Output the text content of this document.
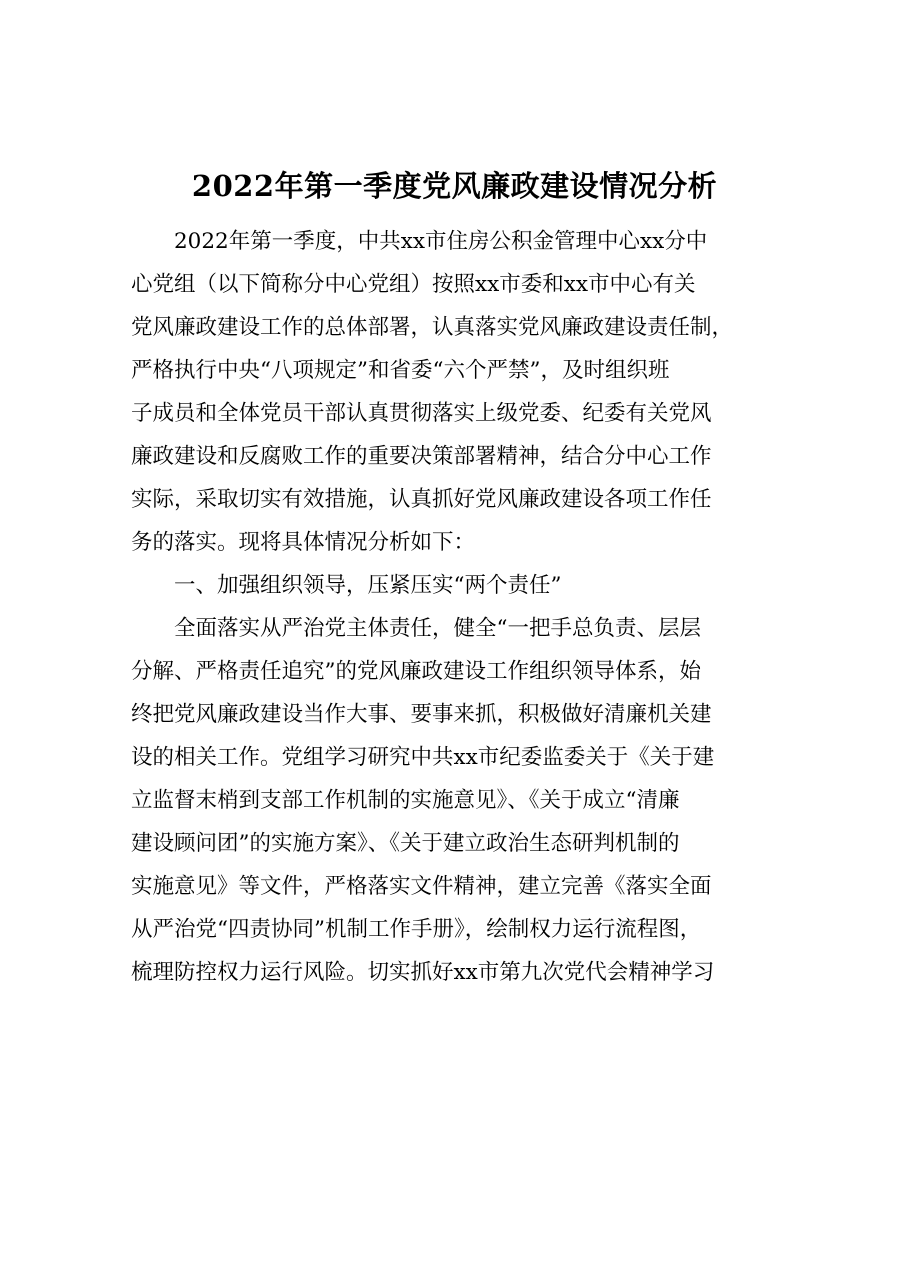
2022年第一季度党风廉政建设情况分析
2022年第一季度，中共xx市住房公积金管理中心xx分中
心党组（以下简称分中心党组）按照xx市委和xx市中心有关
党风廉政建设工作的总体部署，认真落实党风廉政建设责任制，
严格执行中央“八项规定”和省委“六个严禁”，及时组织班
子成员和全体党员干部认真贯彻落实上级党委、纪委有关党风
廉政建设和反腐败工作的重要决策部署精神，结合分中心工作
实际，采取切实有效措施，认真抓好党风廉政建设各项工作任
务的落实。现将具体情况分析如下：
一、加强组织领导，压紧压实“两个责任”
全面落实从严治党主体责任，健全“一把手总负责、层层
分解、严格责任追究”的党风廉政建设工作组织领导体系，始
终把党风廉政建设当作大事、要事来抓，积极做好清廉机关建
设的相关工作。党组学习研究中共xx市纪委监委关于《关于建
立监督末梢到支部工作机制的实施意见》、《关于成立“清廉
建设顾问团”的实施方案》、《关于建立政治生态研判机制的
实施意见》等文件，严格落实文件精神，建立完善《落实全面
从严治党“四责协同”机制工作手册》，绘制权力运行流程图，
梳理防控权力运行风险。切实抓好xx市第九次党代会精神学习
